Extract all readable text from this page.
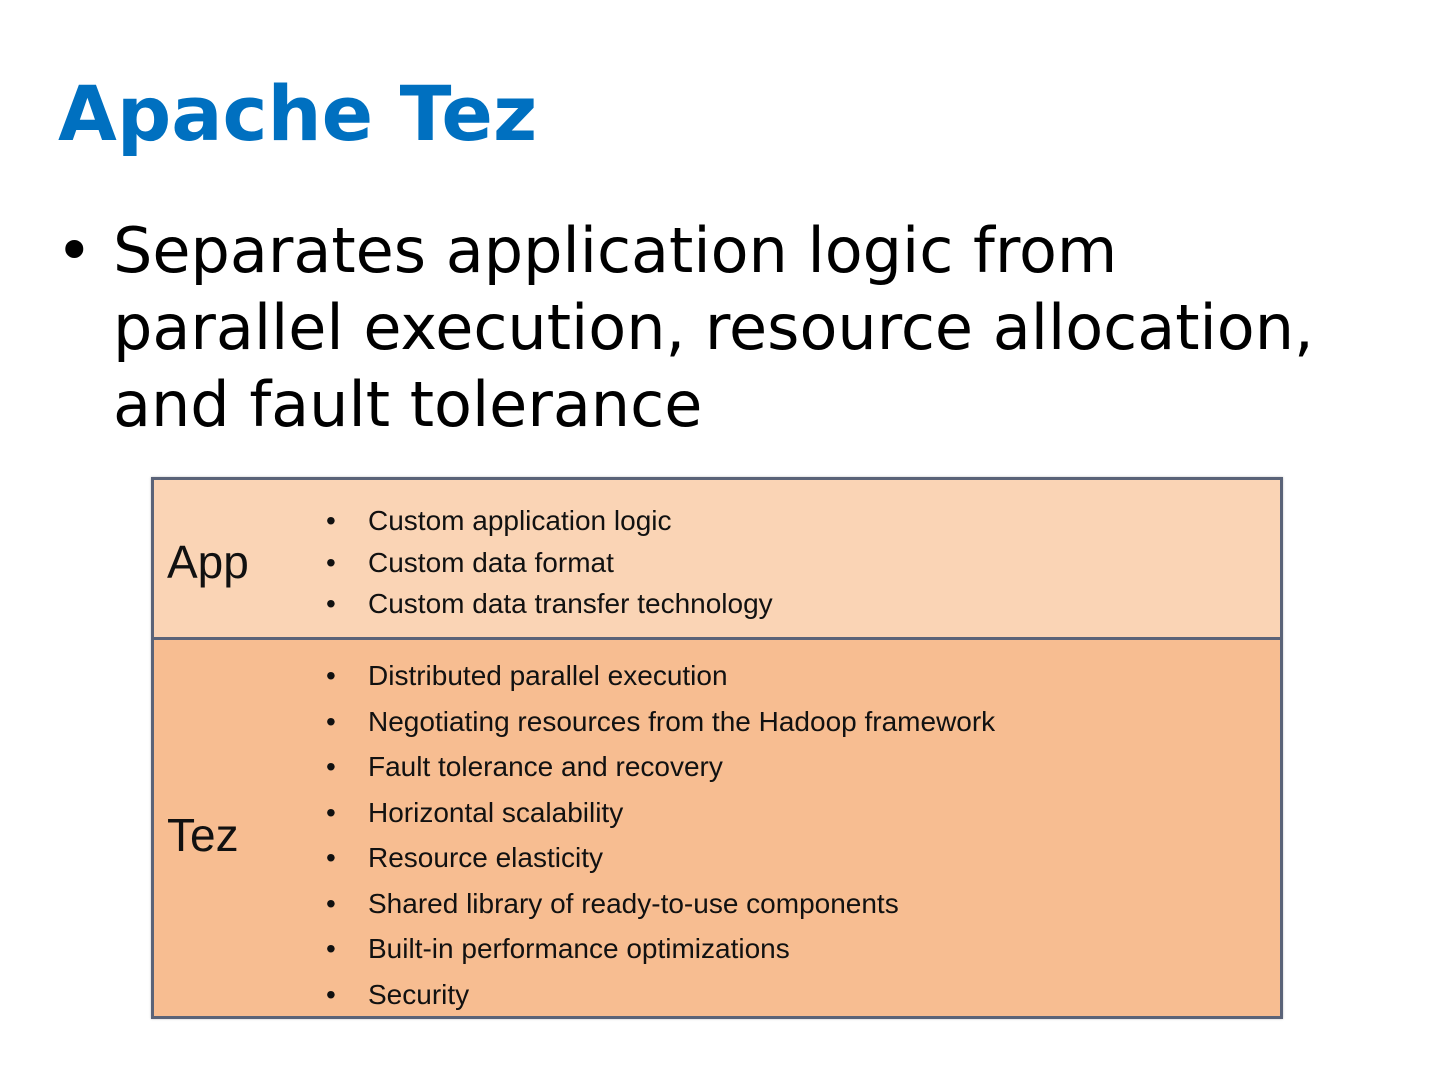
Apache Tez
• Separates application logic from
parallel execution, resource allocation,
and fault tolerance

App

• Custom application logic
• Custom data format
• Custom data transfer technology

Tez

• Distributed parallel execution
• Negotiating resources from the Hadoop framework
• Fault tolerance and recovery
• Horizontal scalability
• Resource elasticity
• Shared library of ready-to-use components
• Built-in performance optimizations
• Security
